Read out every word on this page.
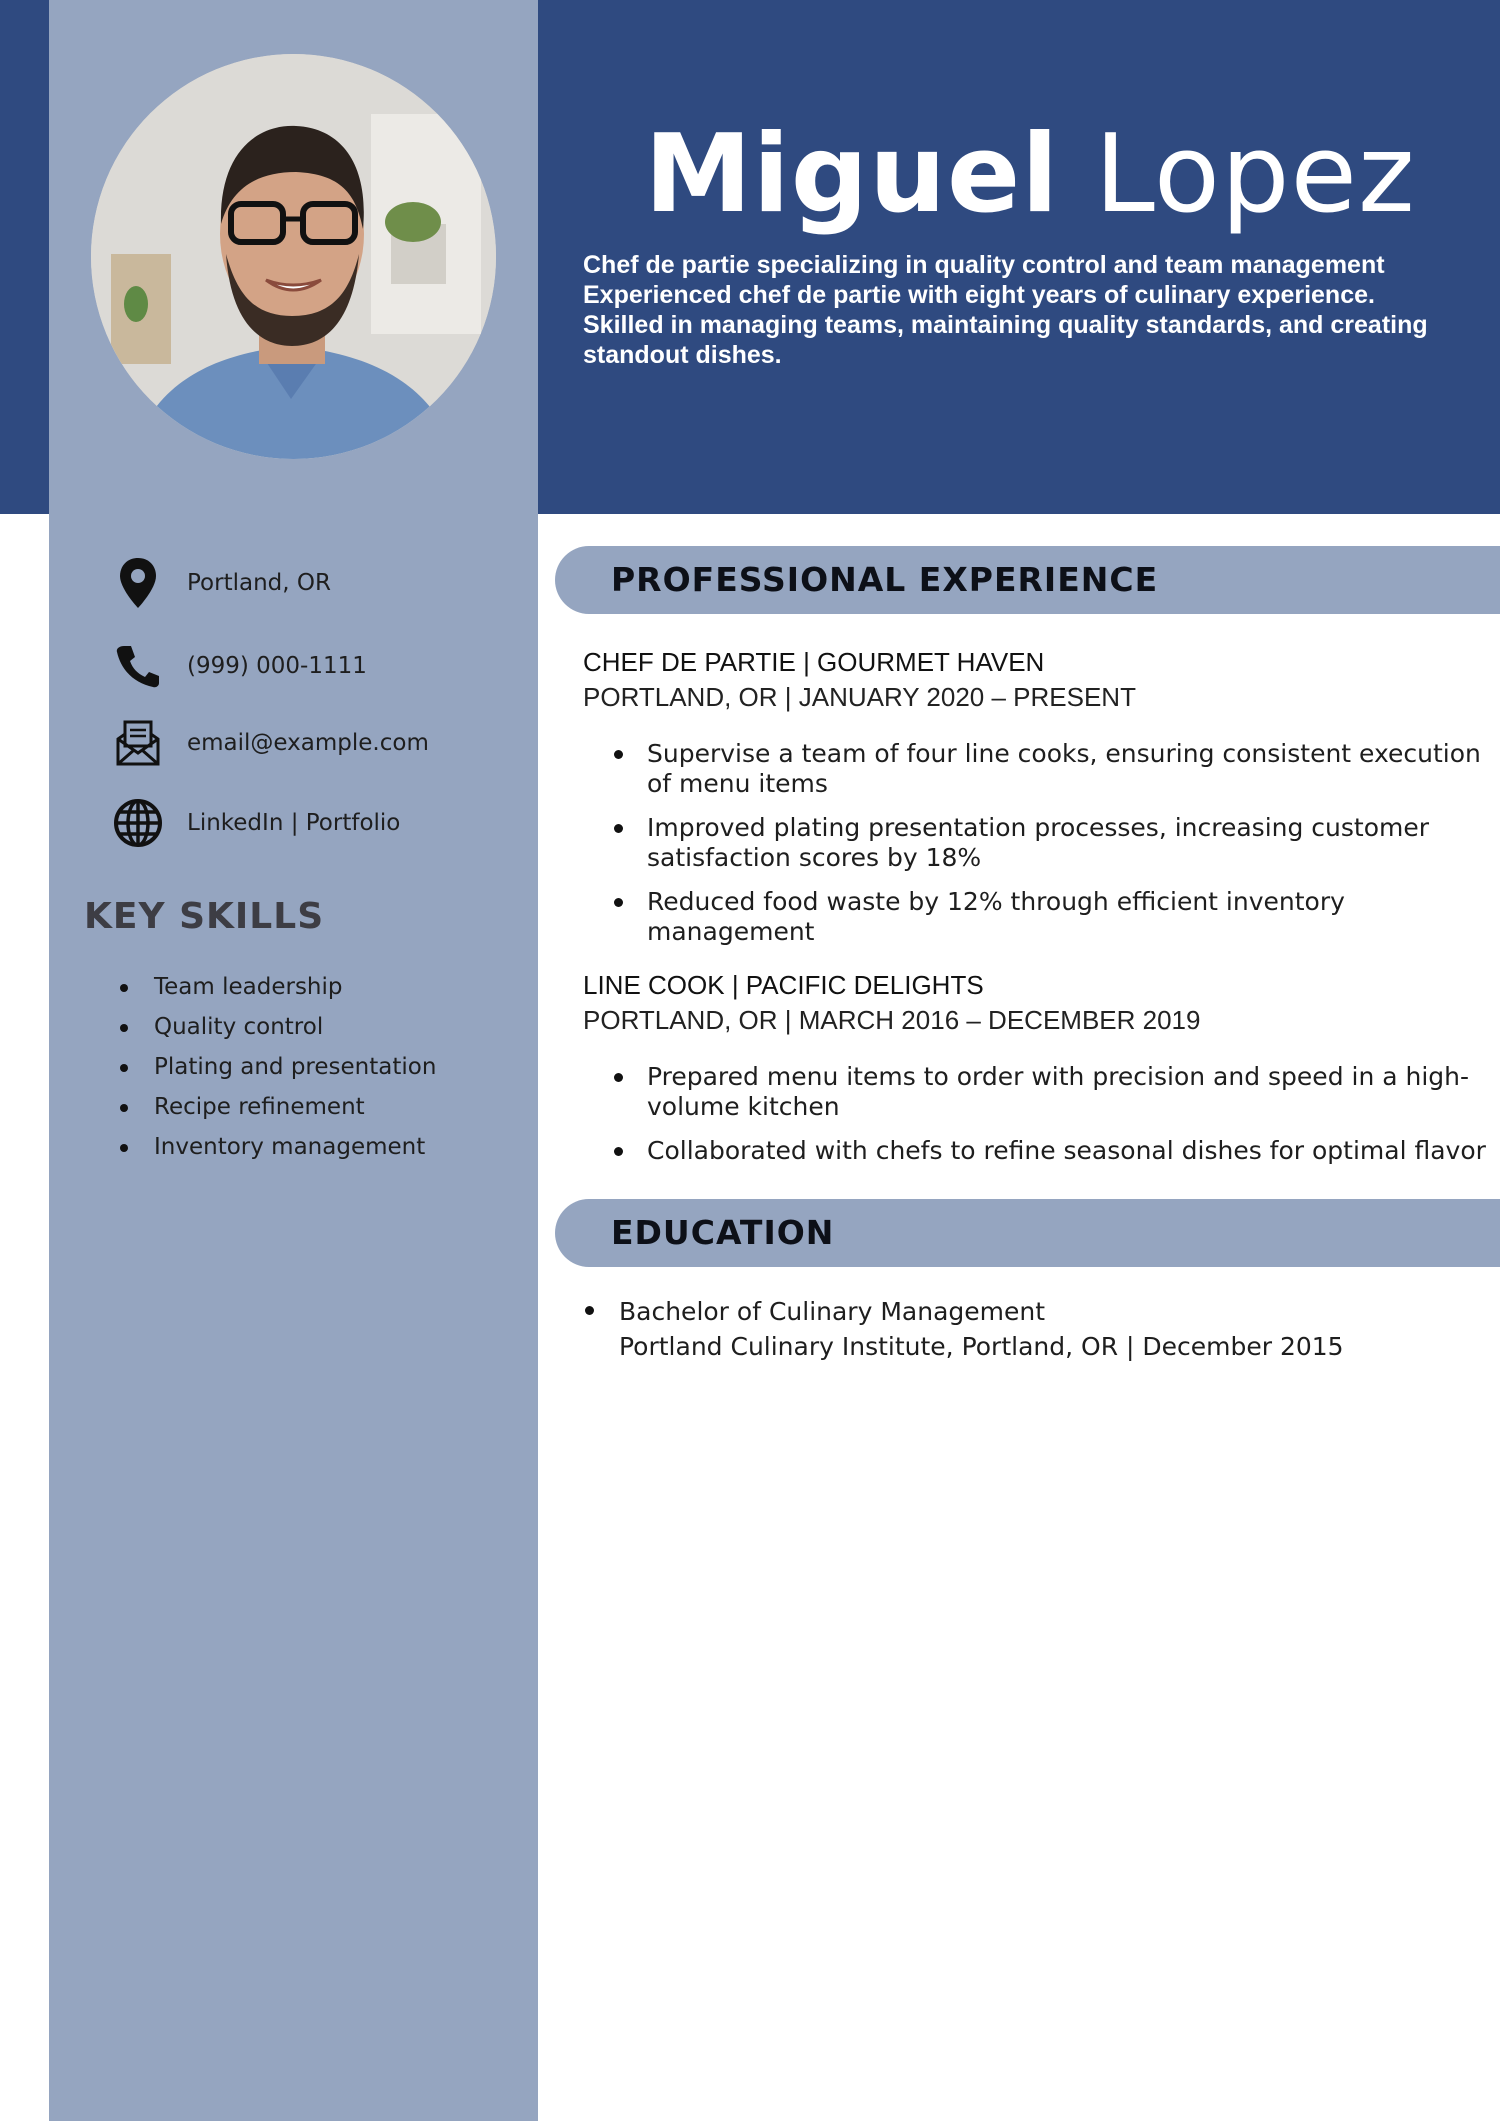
Miguel Lopez
Chef de partie specializing in quality control and team management
Experienced chef de partie with eight years of culinary experience.
Skilled in managing teams, maintaining quality standards, and creating
standout dishes.
Portland, OR
(999) 000-1111
email@example.com
LinkedIn | Portfolio
KEY SKILLS
Team leadership
Quality control
Plating and presentation
Recipe refinement
Inventory management
PROFESSIONAL EXPERIENCE
CHEF DE PARTIE | GOURMET HAVEN
PORTLAND, OR | JANUARY 2020 – PRESENT
Supervise a team of four line cooks, ensuring consistent execution of menu items
Improved plating presentation processes, increasing customer satisfaction scores by 18%
Reduced food waste by 12% through efficient inventory management
LINE COOK | PACIFIC DELIGHTS
PORTLAND, OR | MARCH 2016 – DECEMBER 2019
Prepared menu items to order with precision and speed in a high-volume kitchen
Collaborated with chefs to refine seasonal dishes for optimal flavor
EDUCATION
Bachelor of Culinary Management
Portland Culinary Institute, Portland, OR | December 2015
